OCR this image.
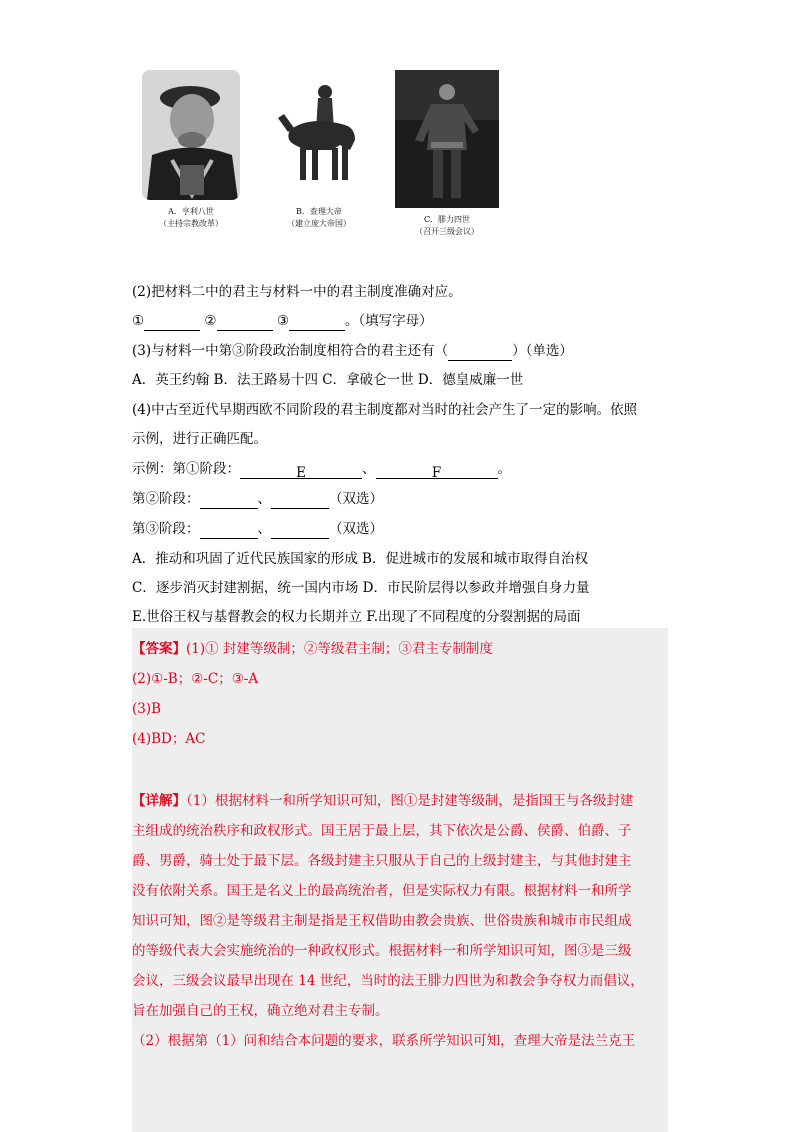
A．亨利八世
（主持宗教改革）
B．查理大帝
（建立庞大帝国）	C．腓力四世
（召开三级会议）
(2)把材料二中的君主与材料一中的君主制度准确对应。
①	②	③	。（填写字母）
(3)与材料一中第③阶段政治制度相符合的君主还有（	）（单选）
A．英王约翰 B．法王路易十四 C．拿破仑一世 D．德皇威廉一世
(4)中古至近代早期西欧不同阶段的君主制度都对当时的社会产生了一定的影响。依照
示例，进行正确匹配。
示例：第①阶段：	E	、	F	。
第②阶段：	、	（双选）
第③阶段：	、	（双选）
A．推动和巩固了近代民族国家的形成 B．促进城市的发展和城市取得自治权
C．逐步消灭封建割据，统一国内市场 D．市民阶层得以参政并增强自身力量
E.世俗王权与基督教会的权力长期并立 F.出现了不同程度的分裂割据的局面
【答案】(1)① 封建等级制；②等级君主制；③君主专制制度
(2)①-B；②-C；③-A
(3)B
(4)BD；AC
【详解】（1）根据材料一和所学知识可知，图①是封建等级制，是指国王与各级封建
主组成的统治秩序和政权形式。国王居于最上层，其下依次是公爵、侯爵、伯爵、子
爵、男爵，骑士处于最下层。各级封建主只服从于自己的上级封建主，与其他封建主
没有依附关系。国王是名义上的最高统治者，但是实际权力有限。根据材料一和所学
知识可知，图②是等级君主制是指是王权借助由教会贵族、世俗贵族和城市市民组成
的等级代表大会实施统治的一种政权形式。根据材料一和所学知识可知，图③是三级
会议，三级会议最早出现在 14 世纪，当时的法王腓力四世为和教会争夺权力而倡议，
旨在加强自己的王权，确立绝对君主专制。
（2）根据第（1）问和结合本问题的要求，联系所学知识可知，查理大帝是法兰克王
